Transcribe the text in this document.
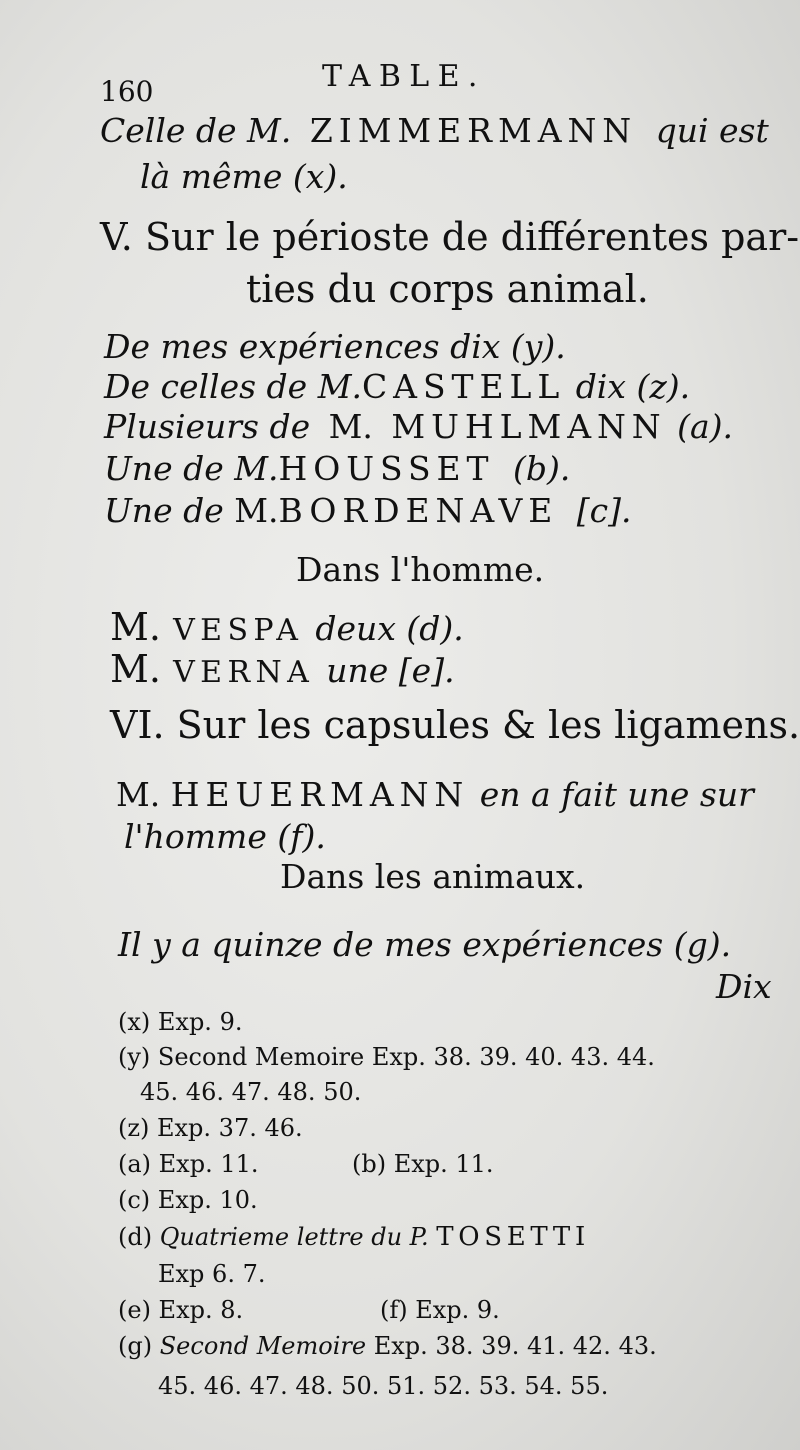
160	TABLE.
Celle de M. ZIMMERMANN qui est
là même (x).
V. Sur le périoste de différentes par-
ties du corps animal.
De mes expériences dix (y).
De celles de M.CASTELL dix (z).
Plusieurs de M. MUHLMANN (a).
Une de M.HOUSSET (b).
Une de M.BORDENAVE [c].
Dans l'homme.
M. VESPA deux (d).
M. VERNA une [e].
VI. Sur les capsules & les ligamens.
M. HEUERMANN en a fait une sur
l'homme (f).
Dans les animaux.
Il y a quinze de mes expériences (g).
Dix
(x) Exp. 9.
(y) Second Memoire Exp. 38. 39. 40. 43. 44.
45. 46. 47. 48. 50.
(z) Exp. 37. 46.
(a) Exp. 11.	(b) Exp. 11.
(c) Exp. 10.
(d) Quatrieme lettre du P. TOSETTI
Exp 6. 7.
(e) Exp. 8.	(f) Exp. 9.
(g) Second Memoire Exp. 38. 39. 41. 42. 43.
45. 46. 47. 48. 50. 51. 52. 53. 54. 55.
